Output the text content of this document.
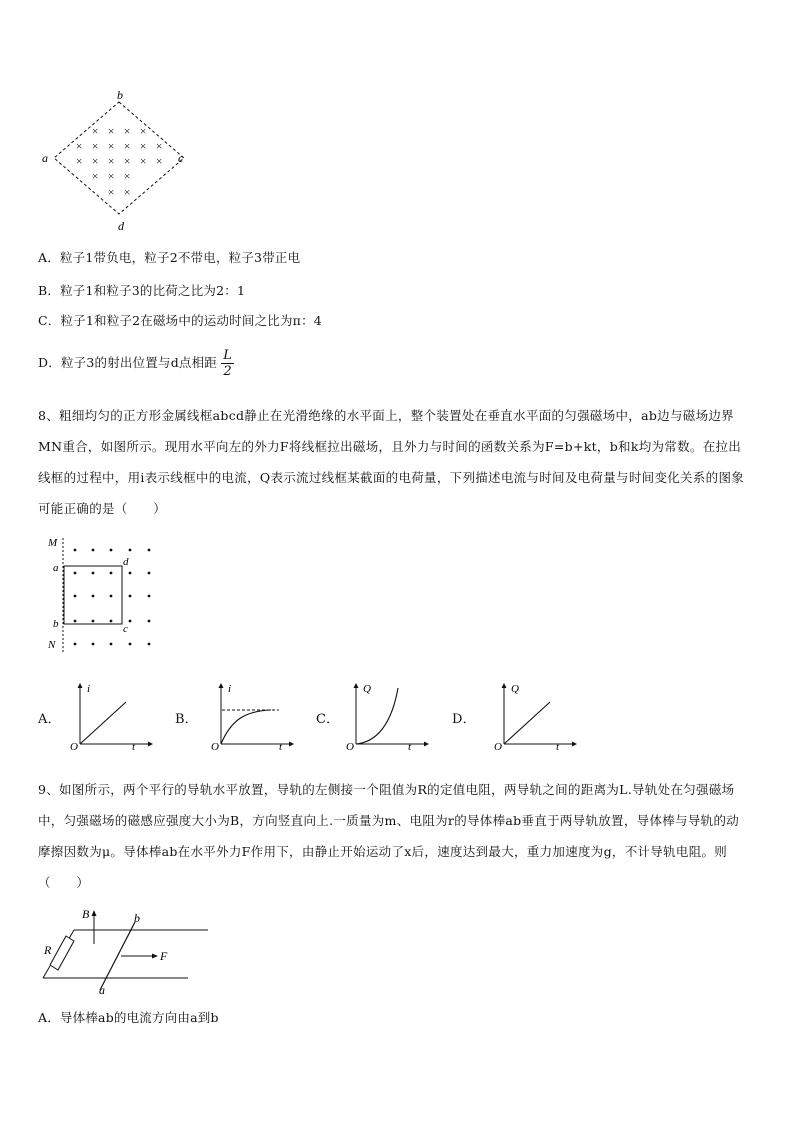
× × × ×
× × × × × ×
× × × × × ×
× × ×
× ×
b
a	c
d
A．粒子1带负电，粒子2不带电，粒子3带正电
B．粒子1和粒子3的比荷之比为2：1
C．粒子1和粒子2在磁场中的运动时间之比为π：4
D．粒子3的射出位置与d点相距 $\frac{L}{2}$
8、粗细均匀的正方形金属线框abcd静止在光滑绝缘的水平面上，整个装置处在垂直水平面的匀强磁场中，ab边与磁场边界MN重合，如图所示。现用水平向左的外力F将线框拉出磁场，且外力与时间的函数关系为F=b+kt，b和k均为常数。在拉出线框的过程中，用i表示线框中的电流，Q表示流过线框某截面的电荷量，下列描述电流与时间及电荷量与时间变化关系的图象可能正确的是（　　）
M
a	d
b	c
N
A．
i
t
O
B．
i
t
O
C．
Q
t
O
D．
Q
t
O
9、如图所示，两个平行的导轨水平放置，导轨的左侧接一个阻值为R的定值电阻，两导轨之间的距离为L.导轨处在匀强磁场中，匀强磁场的磁感应强度大小为B，方向竖直向上.一质量为m、电阻为r的导体棒ab垂直于两导轨放置，导体棒与导轨的动摩擦因数为μ。导体棒ab在水平外力F作用下，由静止开始运动了x后，速度达到最大，重力加速度为g，不计导轨电阻。则（　　）
B	b
R	F
a
A．导体棒ab的电流方向由a到b
